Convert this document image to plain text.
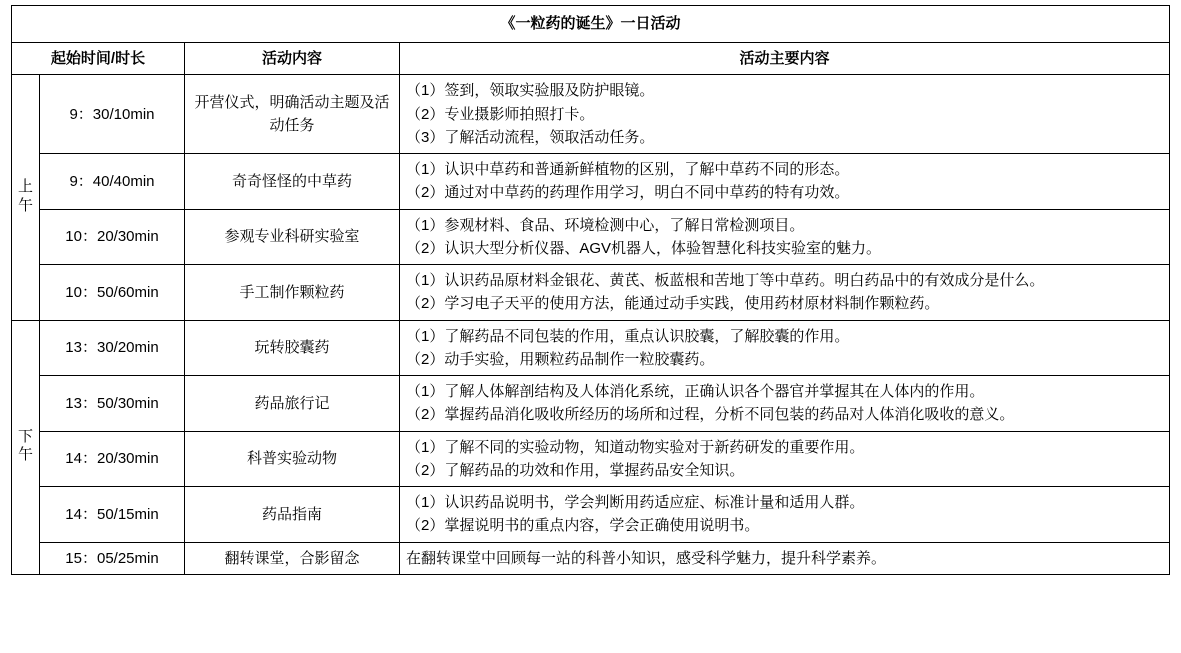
《一粒药的诞生》一日活动			
起始时间/时长		活动内容	活动主要内容
上午	9：30/10min	开营仪式，明确活动主题及活动任务	（1）签到，领取实验服及防护眼镜。
（2）专业摄影师拍照打卡。
（3）了解活动流程，领取活动任务。

	9：40/40min	奇奇怪怪的中草药	（1）认识中草药和普通新鲜植物的区别，了解中草药不同的形态。
（2）通过对中草药的药理作用学习，明白不同中草药的特有功效。

	10：20/30min	参观专业科研实验室	（1）参观材料、食品、环境检测中心，了解日常检测项目。
（2）认识大型分析仪器、AGV机器人，体验智慧化科技实验室的魅力。

	10：50/60min	手工制作颗粒药	（1）认识药品原材料金银花、黄芪、板蓝根和苦地丁等中草药。明白药品中的有效成分是什么。
（2）学习电子天平的使用方法，能通过动手实践，使用药材原材料制作颗粒药。

下午	13：30/20min	玩转胶囊药	（1）了解药品不同包装的作用，重点认识胶囊，了解胶囊的作用。
（2）动手实验，用颗粒药品制作一粒胶囊药。

	13：50/30min	药品旅行记	（1）了解人体解剖结构及人体消化系统，正确认识各个器官并掌握其在人体内的作用。
（2）掌握药品消化吸收所经历的场所和过程，分析不同包装的药品对人体消化吸收的意义。

	14：20/30min	科普实验动物	（1）了解不同的实验动物，知道动物实验对于新药研发的重要作用。
（2）了解药品的功效和作用，掌握药品安全知识。

	14：50/15min	药品指南	（1）认识药品说明书，学会判断用药适应症、标准计量和适用人群。
（2）掌握说明书的重点内容，学会正确使用说明书。

	15：05/25min	翻转课堂，合影留念	在翻转课堂中回顾每一站的科普小知识，感受科学魅力，提升科学素养。
